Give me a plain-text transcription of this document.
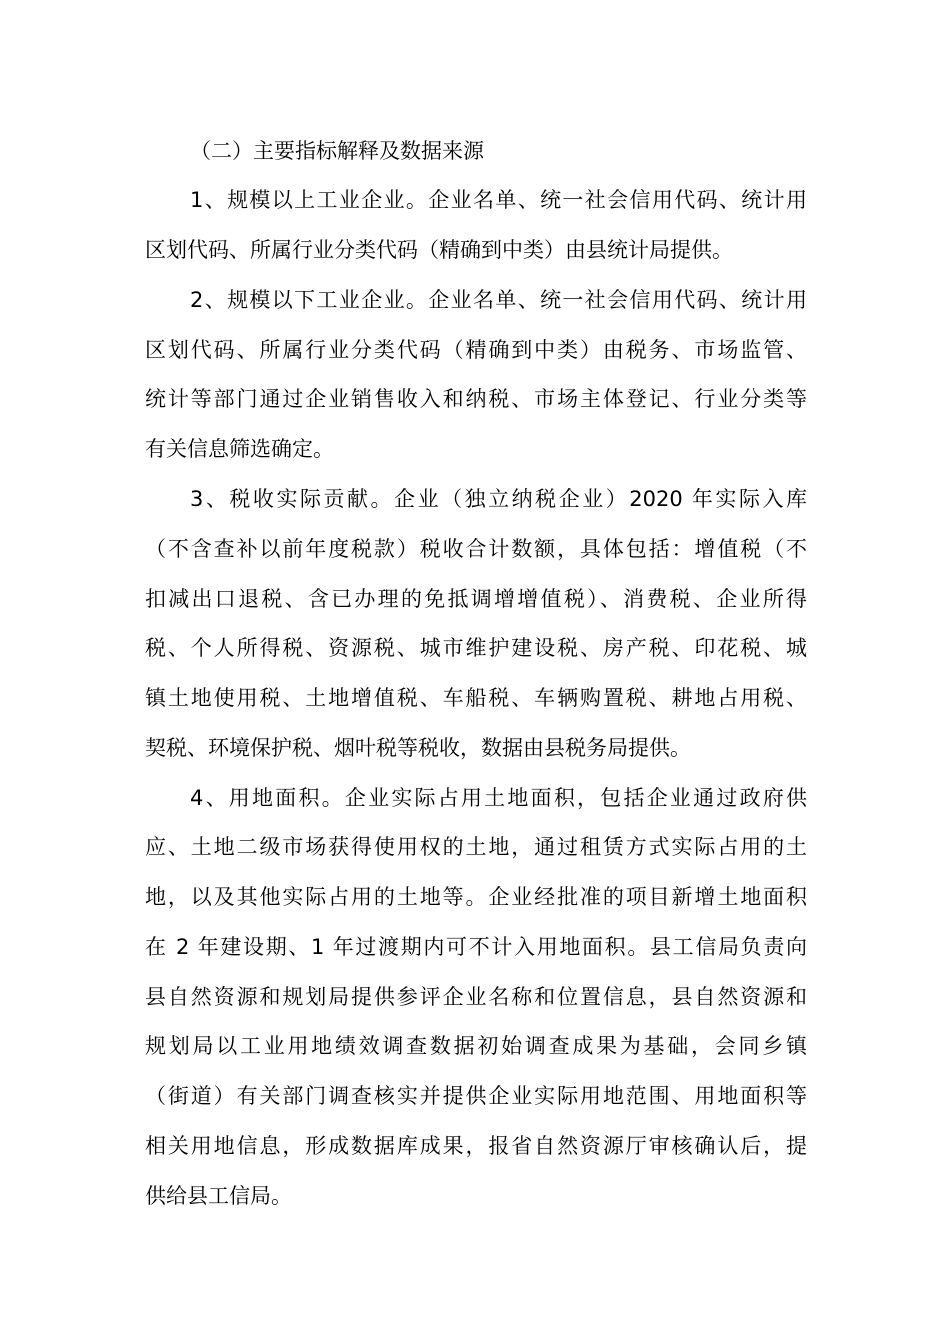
（二）主要指标解释及数据来源
1、规模以上工业企业。企业名单、统一社会信用代码、统计用
区划代码、所属行业分类代码（精确到中类）由县统计局提供。
2、规模以下工业企业。企业名单、统一社会信用代码、统计用
区划代码、所属行业分类代码（精确到中类）由税务、市场监管、
统计等部门通过企业销售收入和纳税、市场主体登记、行业分类等
有关信息筛选确定。
3、税收实际贡献。企业（独立纳税企业）2020 年实际入库
（不含查补以前年度税款）税收合计数额，具体包括：增值税（不
扣减出口退税、含已办理的免抵调增增值税）、消费税、企业所得
税、个人所得税、资源税、城市维护建设税、房产税、印花税、城
镇土地使用税、土地增值税、车船税、车辆购置税、耕地占用税、
契税、环境保护税、烟叶税等税收，数据由县税务局提供。
4、用地面积。企业实际占用土地面积，包括企业通过政府供
应、土地二级市场获得使用权的土地，通过租赁方式实际占用的土
地，以及其他实际占用的土地等。企业经批准的项目新增土地面积
在 2 年建设期、1 年过渡期内可不计入用地面积。县工信局负责向
县自然资源和规划局提供参评企业名称和位置信息，县自然资源和
规划局以工业用地绩效调查数据初始调查成果为基础，会同乡镇
（街道）有关部门调查核实并提供企业实际用地范围、用地面积等
相关用地信息，形成数据库成果，报省自然资源厅审核确认后，提
供给县工信局。
